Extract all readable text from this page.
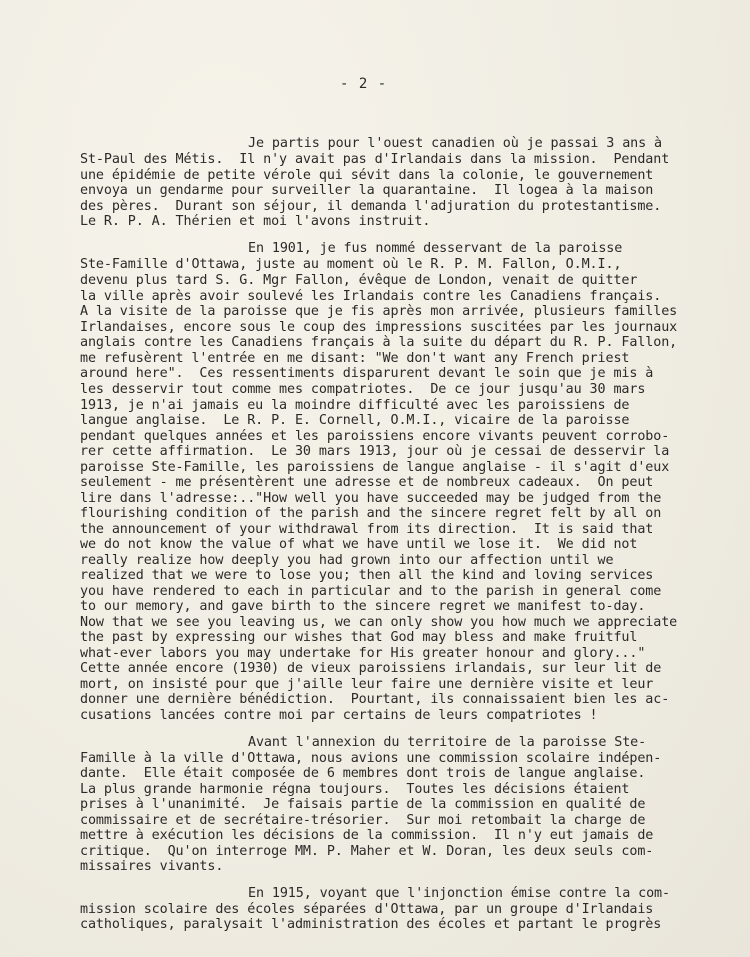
- 2 -
Je partis pour l'ouest canadien où je passai 3 ans à
St-Paul des Métis.  Il n'y avait pas d'Irlandais dans la mission.  Pendant
une épidémie de petite vérole qui sévit dans la colonie, le gouvernement
envoya un gendarme pour surveiller la quarantaine.  Il logea à la maison
des pères.  Durant son séjour, il demanda l'adjuration du protestantisme.
Le R. P. A. Thérien et moi l'avons instruit.
En 1901, je fus nommé desservant de la paroisse
Ste-Famille d'Ottawa, juste au moment où le R. P. M. Fallon, O.M.I.,
devenu plus tard S. G. Mgr Fallon, évêque de London, venait de quitter
la ville après avoir soulevé les Irlandais contre les Canadiens français.
A la visite de la paroisse que je fis après mon arrivée, plusieurs familles
Irlandaises, encore sous le coup des impressions suscitées par les journaux
anglais contre les Canadiens français à la suite du départ du R. P. Fallon,
me refusèrent l'entrée en me disant: "We don't want any French priest
around here".  Ces ressentiments disparurent devant le soin que je mis à
les desservir tout comme mes compatriotes.  De ce jour jusqu'au 30 mars
1913, je n'ai jamais eu la moindre difficulté avec les paroissiens de
langue anglaise.  Le R. P. E. Cornell, O.M.I., vicaire de la paroisse
pendant quelques années et les paroissiens encore vivants peuvent corrobo-
rer cette affirmation.  Le 30 mars 1913, jour où je cessai de desservir la
paroisse Ste-Famille, les paroissiens de langue anglaise - il s'agit d'eux
seulement - me présentèrent une adresse et de nombreux cadeaux.  On peut
lire dans l'adresse:.."How well you have succeeded may be judged from the
flourishing condition of the parish and the sincere regret felt by all on
the announcement of your withdrawal from its direction.  It is said that
we do not know the value of what we have until we lose it.  We did not
really realize how deeply you had grown into our affection until we
realized that we were to lose you; then all the kind and loving services
you have rendered to each in particular and to the parish in general come
to our memory, and gave birth to the sincere regret we manifest to-day.
Now that we see you leaving us, we can only show you how much we appreciate
the past by expressing our wishes that God may bless and make fruitful
what-ever labors you may undertake for His greater honour and glory..."
Cette année encore (1930) de vieux paroissiens irlandais, sur leur lit de
mort, on insisté pour que j'aille leur faire une dernière visite et leur
donner une dernière bénédiction.  Pourtant, ils connaissaient bien les ac-
cusations lancées contre moi par certains de leurs compatriotes !
Avant l'annexion du territoire de la paroisse Ste-
Famille à la ville d'Ottawa, nous avions une commission scolaire indépen-
dante.  Elle était composée de 6 membres dont trois de langue anglaise.
La plus grande harmonie régna toujours.  Toutes les décisions étaient
prises à l'unanimité.  Je faisais partie de la commission en qualité de
commissaire et de secrétaire-trésorier.  Sur moi retombait la charge de
mettre à exécution les décisions de la commission.  Il n'y eut jamais de
critique.  Qu'on interroge MM. P. Maher et W. Doran, les deux seuls com-
missaires vivants.
En 1915, voyant que l'injonction émise contre la com-
mission scolaire des écoles séparées d'Ottawa, par un groupe d'Irlandais
catholiques, paralysait l'administration des écoles et partant le progrès
